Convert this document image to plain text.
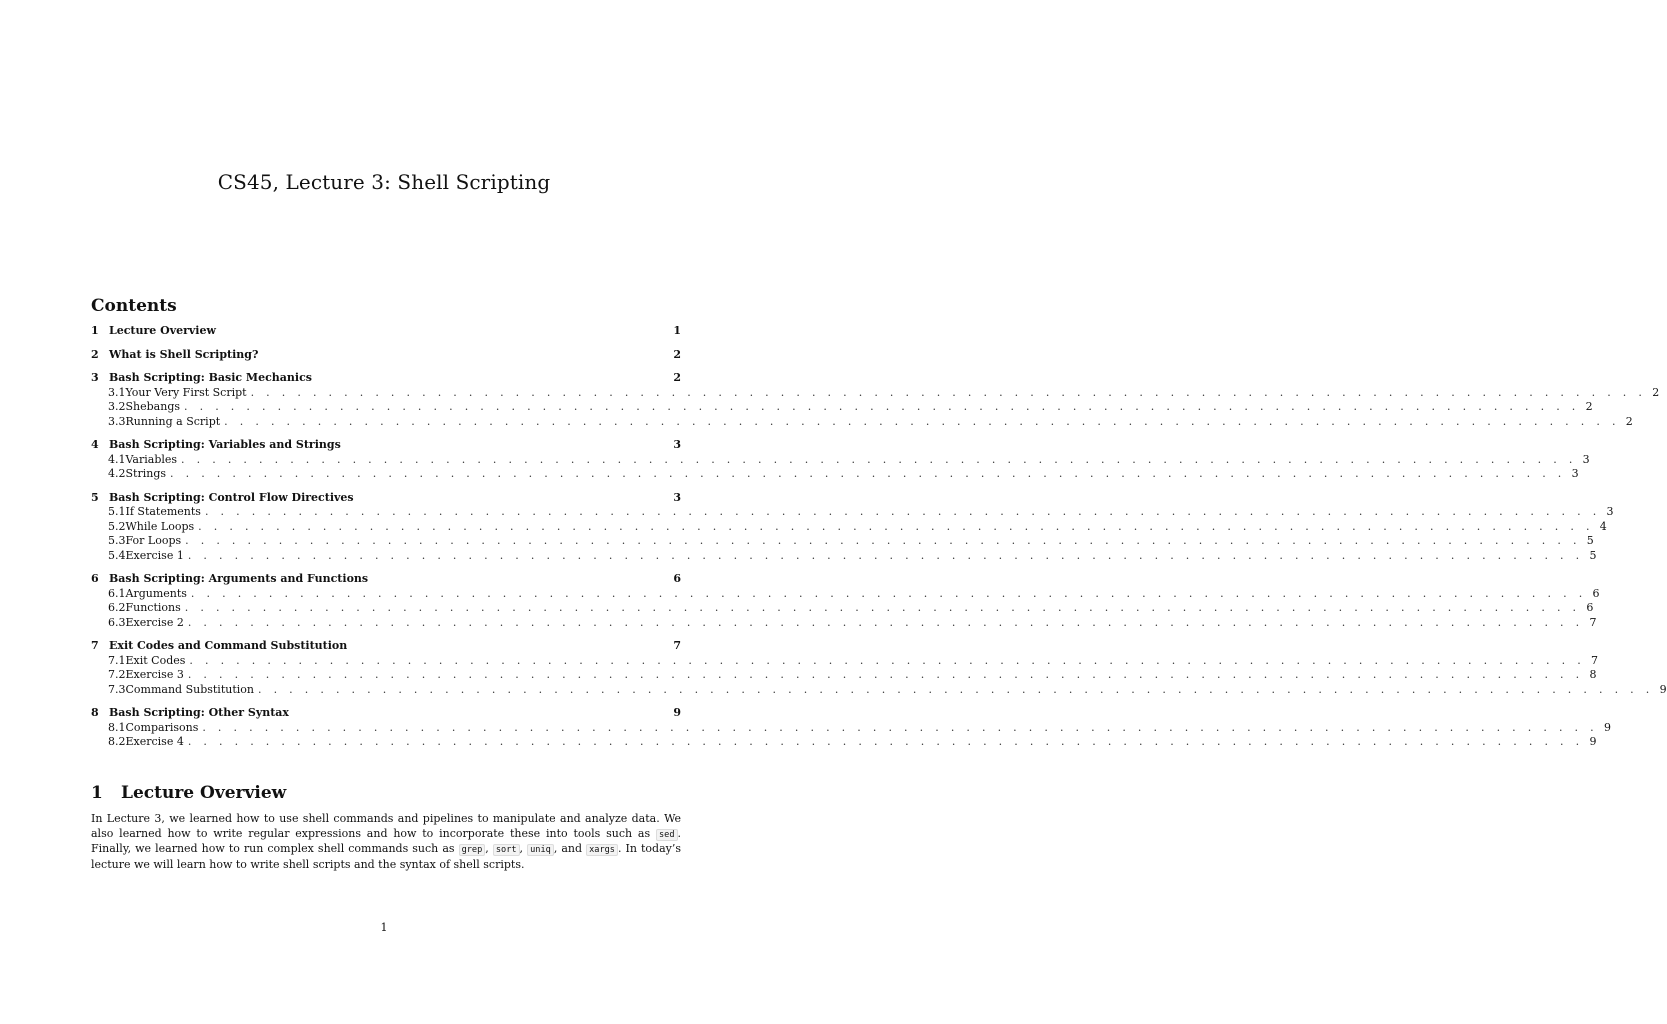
CS45, Lecture 3: Shell Scripting
Contents
1 Lecture Overview	1
2 What is Shell Scripting?	2
3 Bash Scripting: Basic Mechanics	2
3.1 Your Very First Script . . . . . . . . . . . . . . . . . . . . . . . . . . . . . . . . . . . . . . . . . . . . . . . . . . . . . . . . . . . . . . . . . . . . . . . . . . . . . . . . . . . . . . . . . . 2
3.2 Shebangs . . . . . . . . . . . . . . . . . . . . . . . . . . . . . . . . . . . . . . . . . . . . . . . . . . . . . . . . . . . . . . . . . . . . . . . . . . . . . . . . . . . . . . . . . . 2
3.3 Running a Script . . . . . . . . . . . . . . . . . . . . . . . . . . . . . . . . . . . . . . . . . . . . . . . . . . . . . . . . . . . . . . . . . . . . . . . . . . . . . . . . . . . . . . . . . . 2
4 Bash Scripting: Variables and Strings	3
4.1 Variables . . . . . . . . . . . . . . . . . . . . . . . . . . . . . . . . . . . . . . . . . . . . . . . . . . . . . . . . . . . . . . . . . . . . . . . . . . . . . . . . . . . . . . . . . . 3
4.2 Strings . . . . . . . . . . . . . . . . . . . . . . . . . . . . . . . . . . . . . . . . . . . . . . . . . . . . . . . . . . . . . . . . . . . . . . . . . . . . . . . . . . . . . . . . . . 3
5 Bash Scripting: Control Flow Directives	3
5.1 If Statements . . . . . . . . . . . . . . . . . . . . . . . . . . . . . . . . . . . . . . . . . . . . . . . . . . . . . . . . . . . . . . . . . . . . . . . . . . . . . . . . . . . . . . . . . . 3
5.2 While Loops . . . . . . . . . . . . . . . . . . . . . . . . . . . . . . . . . . . . . . . . . . . . . . . . . . . . . . . . . . . . . . . . . . . . . . . . . . . . . . . . . . . . . . . . . . 4
5.3 For Loops . . . . . . . . . . . . . . . . . . . . . . . . . . . . . . . . . . . . . . . . . . . . . . . . . . . . . . . . . . . . . . . . . . . . . . . . . . . . . . . . . . . . . . . . . . 5
5.4 Exercise 1 . . . . . . . . . . . . . . . . . . . . . . . . . . . . . . . . . . . . . . . . . . . . . . . . . . . . . . . . . . . . . . . . . . . . . . . . . . . . . . . . . . . . . . . . . . 5
6 Bash Scripting: Arguments and Functions	6
6.1 Arguments . . . . . . . . . . . . . . . . . . . . . . . . . . . . . . . . . . . . . . . . . . . . . . . . . . . . . . . . . . . . . . . . . . . . . . . . . . . . . . . . . . . . . . . . . . 6
6.2 Functions . . . . . . . . . . . . . . . . . . . . . . . . . . . . . . . . . . . . . . . . . . . . . . . . . . . . . . . . . . . . . . . . . . . . . . . . . . . . . . . . . . . . . . . . . . 6
6.3 Exercise 2 . . . . . . . . . . . . . . . . . . . . . . . . . . . . . . . . . . . . . . . . . . . . . . . . . . . . . . . . . . . . . . . . . . . . . . . . . . . . . . . . . . . . . . . . . . 7
7 Exit Codes and Command Substitution	7
7.1 Exit Codes . . . . . . . . . . . . . . . . . . . . . . . . . . . . . . . . . . . . . . . . . . . . . . . . . . . . . . . . . . . . . . . . . . . . . . . . . . . . . . . . . . . . . . . . . . 7
7.2 Exercise 3 . . . . . . . . . . . . . . . . . . . . . . . . . . . . . . . . . . . . . . . . . . . . . . . . . . . . . . . . . . . . . . . . . . . . . . . . . . . . . . . . . . . . . . . . . . 8
7.3 Command Substitution . . . . . . . . . . . . . . . . . . . . . . . . . . . . . . . . . . . . . . . . . . . . . . . . . . . . . . . . . . . . . . . . . . . . . . . . . . . . . . . . . . . . . . . . . . 9
8 Bash Scripting: Other Syntax	9
8.1 Comparisons . . . . . . . . . . . . . . . . . . . . . . . . . . . . . . . . . . . . . . . . . . . . . . . . . . . . . . . . . . . . . . . . . . . . . . . . . . . . . . . . . . . . . . . . . . 9
8.2 Exercise 4 . . . . . . . . . . . . . . . . . . . . . . . . . . . . . . . . . . . . . . . . . . . . . . . . . . . . . . . . . . . . . . . . . . . . . . . . . . . . . . . . . . . . . . . . . . 9
1 Lecture Overview
In Lecture 3, we learned how to use shell commands and pipelines to manipulate and analyze data. We also learned how to write regular expressions and how to incorporate these into tools such as sed . Finally, we learned how to run complex shell commands such as grep , sort , uniq , and xargs . In today’s lecture we will learn how to write shell scripts and the syntax of shell scripts.
1
